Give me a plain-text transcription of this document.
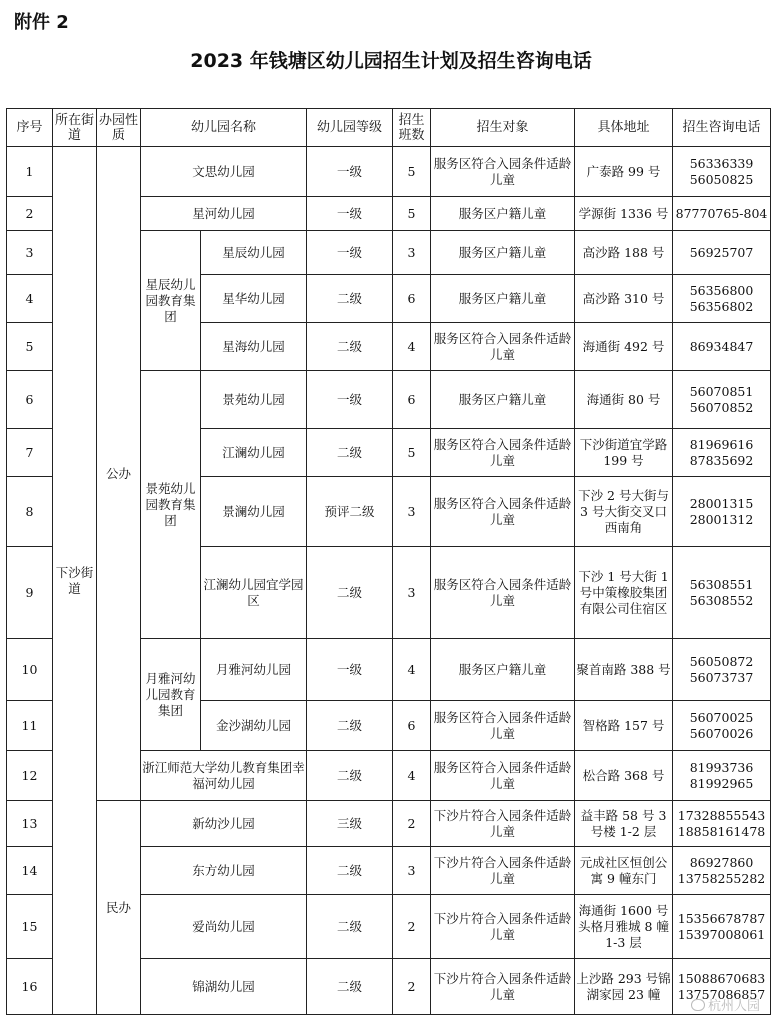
附件 2
2023 年钱塘区幼儿园招生计划及招生咨询电话
序号	所在街道	办园性质	幼儿园名称		幼儿园等级	招生班数	招生对象	具体地址	招生咨询电话
1	下沙街道	公办	文思幼儿园		一级	5	服务区符合入园条件适龄儿童	广泰路 99 号	56336339
56050825

2			星河幼儿园		一级	5	服务区户籍儿童	学源街 1336 号	87770765-804

3			星辰幼儿园教育集团	星辰幼儿园	一级	3	服务区户籍儿童	高沙路 188 号	56925707

4				星华幼儿园	二级	6	服务区户籍儿童	高沙路 310 号	56356800
56356802

5				星海幼儿园	二级	4	服务区符合入园条件适龄儿童	海通街 492 号	86934847

6			景苑幼儿园教育集团	景苑幼儿园	一级	6	服务区户籍儿童	海通街 80 号	56070851
56070852

7				江澜幼儿园	二级	5	服务区符合入园条件适龄儿童	下沙街道宜学路 199 号	81969616
87835692

8				景澜幼儿园	预评二级	3	服务区符合入园条件适龄儿童	下沙 2 号大街与 3 号大街交叉口西南角	28001315
28001312

9				江澜幼儿园宜学园区	二级	3	服务区符合入园条件适龄儿童	下沙 1 号大街 1 号中策橡胶集团有限公司住宿区	56308551
56308552

10			月雅河幼儿园教育集团	月雅河幼儿园	一级	4	服务区户籍儿童	聚首南路 388 号	56050872
56073737

11				金沙湖幼儿园	二级	6	服务区符合入园条件适龄儿童	智格路 157 号	56070025
56070026

12			浙江师范大学幼儿教育集团幸福河幼儿园		二级	4	服务区符合入园条件适龄儿童	松合路 368 号	81993736
81992965

13		民办	新幼沙儿园		三级	2	下沙片符合入园条件适龄儿童	益丰路 58 号 3 号楼 1-2 层	17328855543
18858161478

14			东方幼儿园		二级	3	下沙片符合入园条件适龄儿童	元成社区恒创公寓 9 幢东门	86927860
13758255282

15			爱尚幼儿园		二级	2	下沙片符合入园条件适龄儿童	海通街 1600 号头格月雅城 8 幢 1-3 层	15356678787
15397008061

16			锦湖幼儿园		二级	2	下沙片符合入园条件适龄儿童	上沙路 293 号锦湖家园 23 幢	15088670683
13757086857
杭州人园
